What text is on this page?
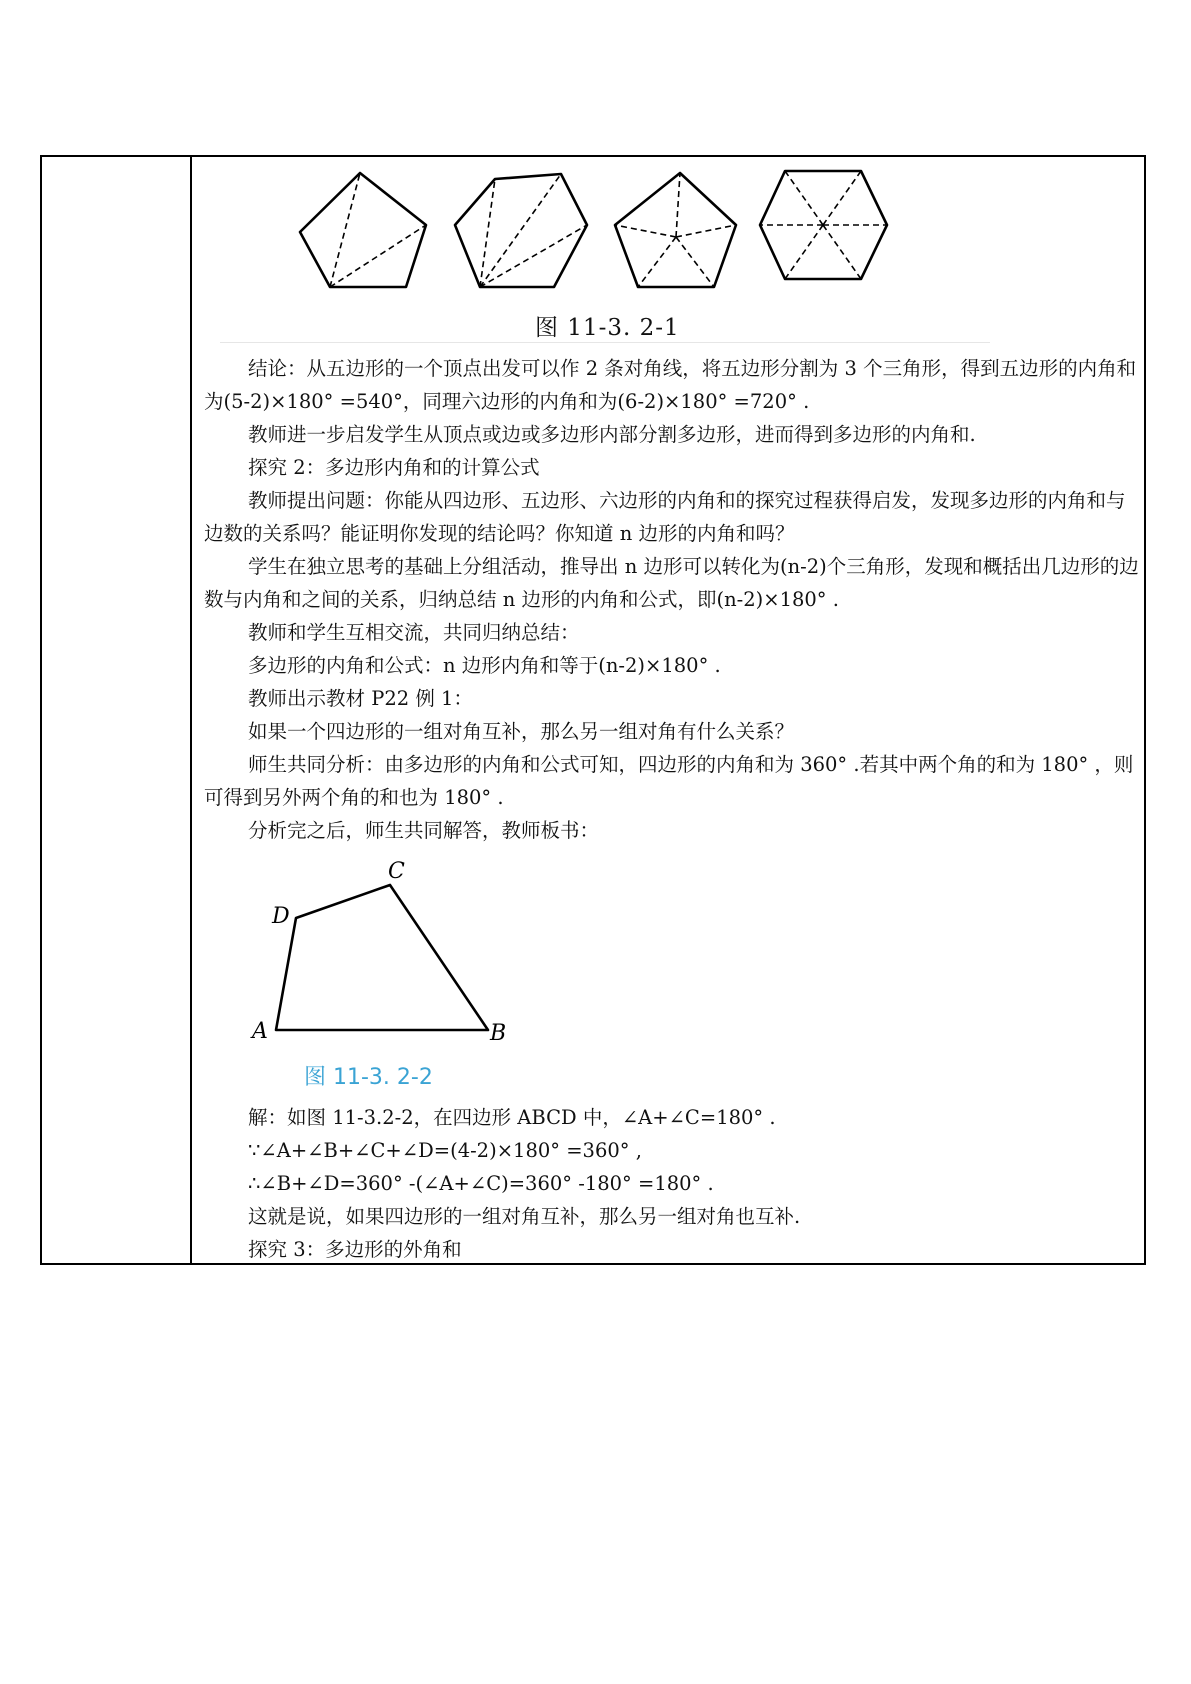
图 11-3. 2-1

结论：从五边形的一个顶点出发可以作 2 条对角线，将五边形分割为 3 个三角形，得到五边形的内角和为(5-2)×180° =540°，同理六边形的内角和为(6-2)×180° =720° .

教师进一步启发学生从顶点或边或多边形内部分割多边形，进而得到多边形的内角和.

探究 2：多边形内角和的计算公式

教师提出问题：你能从四边形、五边形、六边形的内角和的探究过程获得启发，发现多边形的内角和与边数的关系吗？能证明你发现的结论吗？你知道 n 边形的内角和吗？

学生在独立思考的基础上分组活动，推导出 n 边形可以转化为(n-2)个三角形，发现和概括出几边形的边数与内角和之间的关系，归纳总结 n 边形的内角和公式，即(n-2)×180° .

教师和学生互相交流，共同归纳总结：

多边形的内角和公式：n 边形内角和等于(n-2)×180° .

教师出示教材 P22 例 1：

如果一个四边形的一组对角互补，那么另一组对角有什么关系？

师生共同分析：由多边形的内角和公式可知，四边形的内角和为 360° .若其中两个角的和为 180° ，则可得到另外两个角的和也为 180° .

分析完之后，师生共同解答，教师板书：

A	B
C
D
图 11-3. 2-2

解：如图 11-3.2-2，在四边形 ABCD 中，∠A+∠C=180° .

∵∠A+∠B+∠C+∠D=(4-2)×180° =360° ,

∴∠B+∠D=360° -(∠A+∠C)=360° -180° =180° .

这就是说，如果四边形的一组对角互补，那么另一组对角也互补.

探究 3：多边形的外角和
